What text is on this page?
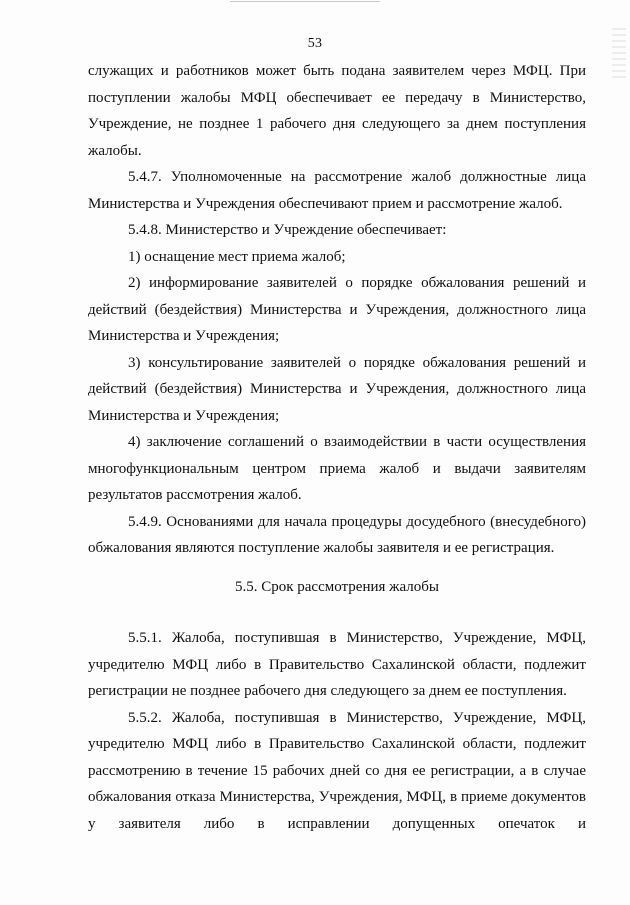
53

служащих и работников может быть подана заявителем через МФЦ. При поступлении жалобы МФЦ обеспечивает ее передачу в Министерство, Учреждение, не позднее 1 рабочего дня следующего за днем поступления жалобы.

5.4.7. Уполномоченные на рассмотрение жалоб должностные лица Министерства и Учреждения обеспечивают прием и рассмотрение жалоб.

5.4.8. Министерство и Учреждение обеспечивает:

1) оснащение мест приема жалоб;

2) информирование заявителей о порядке обжалования решений и действий (бездействия) Министерства и Учреждения, должностного лица Министерства и Учреждения;

3) консультирование заявителей о порядке обжалования решений и действий (бездействия) Министерства и Учреждения, должностного лица Министерства и Учреждения;

4) заключение соглашений о взаимодействии в части осуществления многофункциональным центром приема жалоб и выдачи заявителям результатов рассмотрения жалоб.

5.4.9. Основаниями для начала процедуры досудебного (внесудебного) обжалования являются поступление жалобы заявителя и ее регистрация.

5.5. Срок рассмотрения жалобы

5.5.1. Жалоба, поступившая в Министерство, Учреждение, МФЦ, учредителю МФЦ либо в Правительство Сахалинской области, подлежит регистрации не позднее рабочего дня следующего за днем ее поступления.

5.5.2. Жалоба, поступившая в Министерство, Учреждение, МФЦ, учредителю МФЦ либо в Правительство Сахалинской области, подлежит рассмотрению в течение 15 рабочих дней со дня ее регистрации, а в случае обжалования отказа Министерства, Учреждения, МФЦ, в приеме документов у заявителя либо в исправлении допущенных опечаток и
